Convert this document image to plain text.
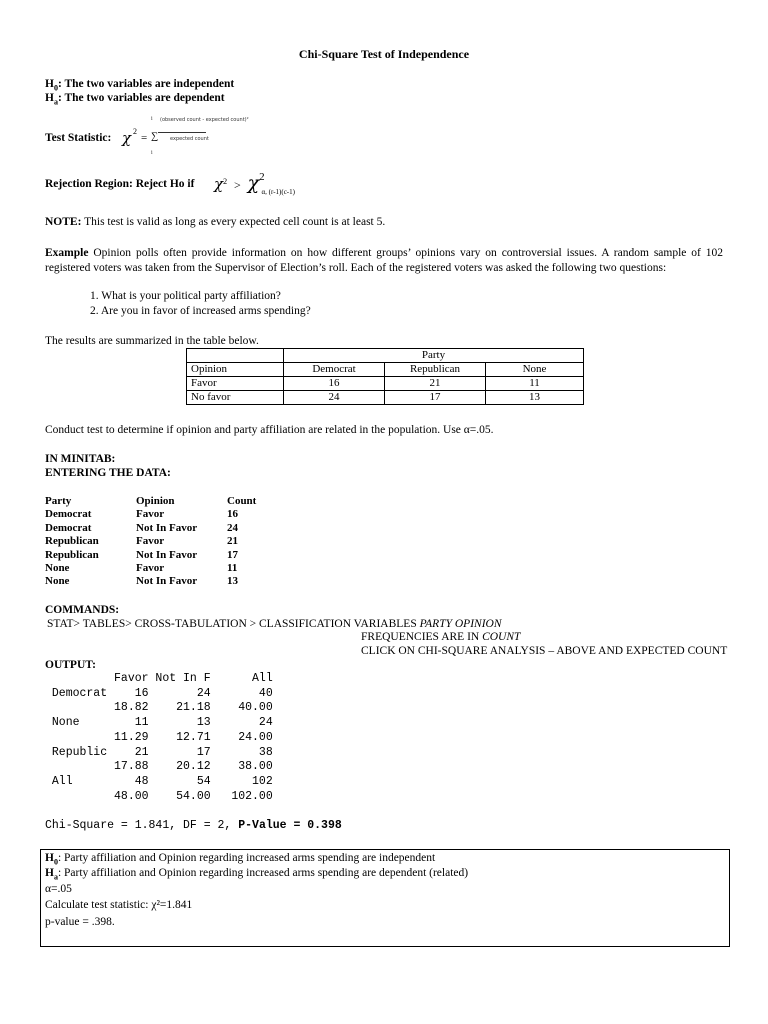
Chi-Square Test of Independence
$H_0$: The two variables are independent
$H_a$: The two variables are dependent
Test Statistic: χ 2
= ∑
i
i
(observed count - expected count)²
expected count
Rejection Region: Reject Ho if $\chi^2 > \chi^2$ $_{\alpha, (r-1)(c-1)}$
NOTE: This test is valid as long as every expected cell count is at least 5.
Example Opinion polls often provide information on how different groups’ opinions vary on controversial issues. A random sample of 102 registered voters was taken from the Supervisor of Election’s roll. Each of the registered voters was asked the following two questions:
1. What is your political party affiliation?
2. Are you in favor of increased arms spending?
The results are summarized in the table below.
	Party		
Opinion	Democrat	Republican	None
Favor	16	21	11
No favor	24	17	13
Conduct test to determine if opinion and party affiliation are related in the population. Use α=.05.
IN MINITAB:
ENTERING THE DATA:
Party	Opinion	Count
Democrat	Favor	16
Democrat	Not In Favor	24
Republican	Favor	21
Republican	Not In Favor	17
None	Favor	11
None	Not In Favor	13
COMMANDS:
STAT> TABLES> CROSS-TABULATION > CLASSIFICATION VARIABLES PARTY OPINION
FREQUENCIES ARE IN COUNT
CLICK ON CHI-SQUARE ANALYSIS – ABOVE AND EXPECTED COUNT
OUTPUT:
Favor Not In F      All
Democrat    16       24       40
18.82    21.18    40.00
None        11       13       24
11.29    12.71    24.00
Republic    21       17       38
17.88    20.12    38.00
All         48       54      102
48.00    54.00   102.00
Chi-Square = 1.841, DF = 2, P-Value = 0.398
$H_0$: Party affiliation and Opinion regarding increased arms spending are independent
$H_a$: Party affiliation and Opinion regarding increased arms spending are dependent (related)
α=.05
Calculate test statistic: χ²=1.841
p-value = .398.
